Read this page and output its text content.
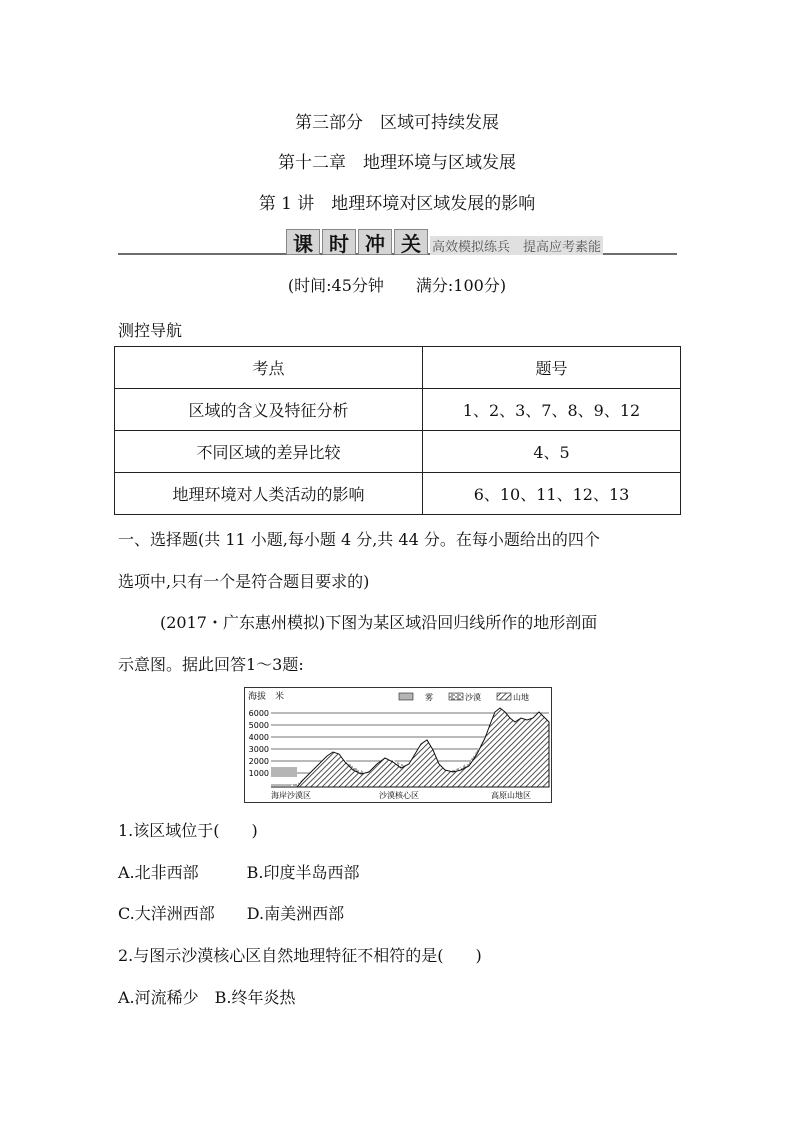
第三部分　区域可持续发展
第十二章　地理环境与区域发展
第 1 讲　地理环境对区域发展的影响
课 时 冲 关 高效模拟练兵　提高应考素能
(时间:45分钟　　满分:100分)
测控导航
考点	题号
区域的含义及特征分析	1、2、3、7、8、9、12
不同区域的差异比较	4、5
地理环境对人类活动的影响	6、10、11、12、13
一、选择题(共 11 小题,每小题 4 分,共 44 分。在每小题给出的四个
选项中,只有一个是符合题目要求的)
(2017・广东惠州模拟)下图为某区域沿回归线所作的地形剖面
示意图。据此回答1～3题:
海拔　米
6000
5000
4000
3000
2000
1000
雾	沙漠	山地
海岸沙漠区	沙漠核心区	高原山地区
1.该区域位于(　　)
A.北非西部　　　B.印度半岛西部
C.大洋洲西部　　D.南美洲西部
2.与图示沙漠核心区自然地理特征不相符的是(　　)
A.河流稀少　B.终年炎热
